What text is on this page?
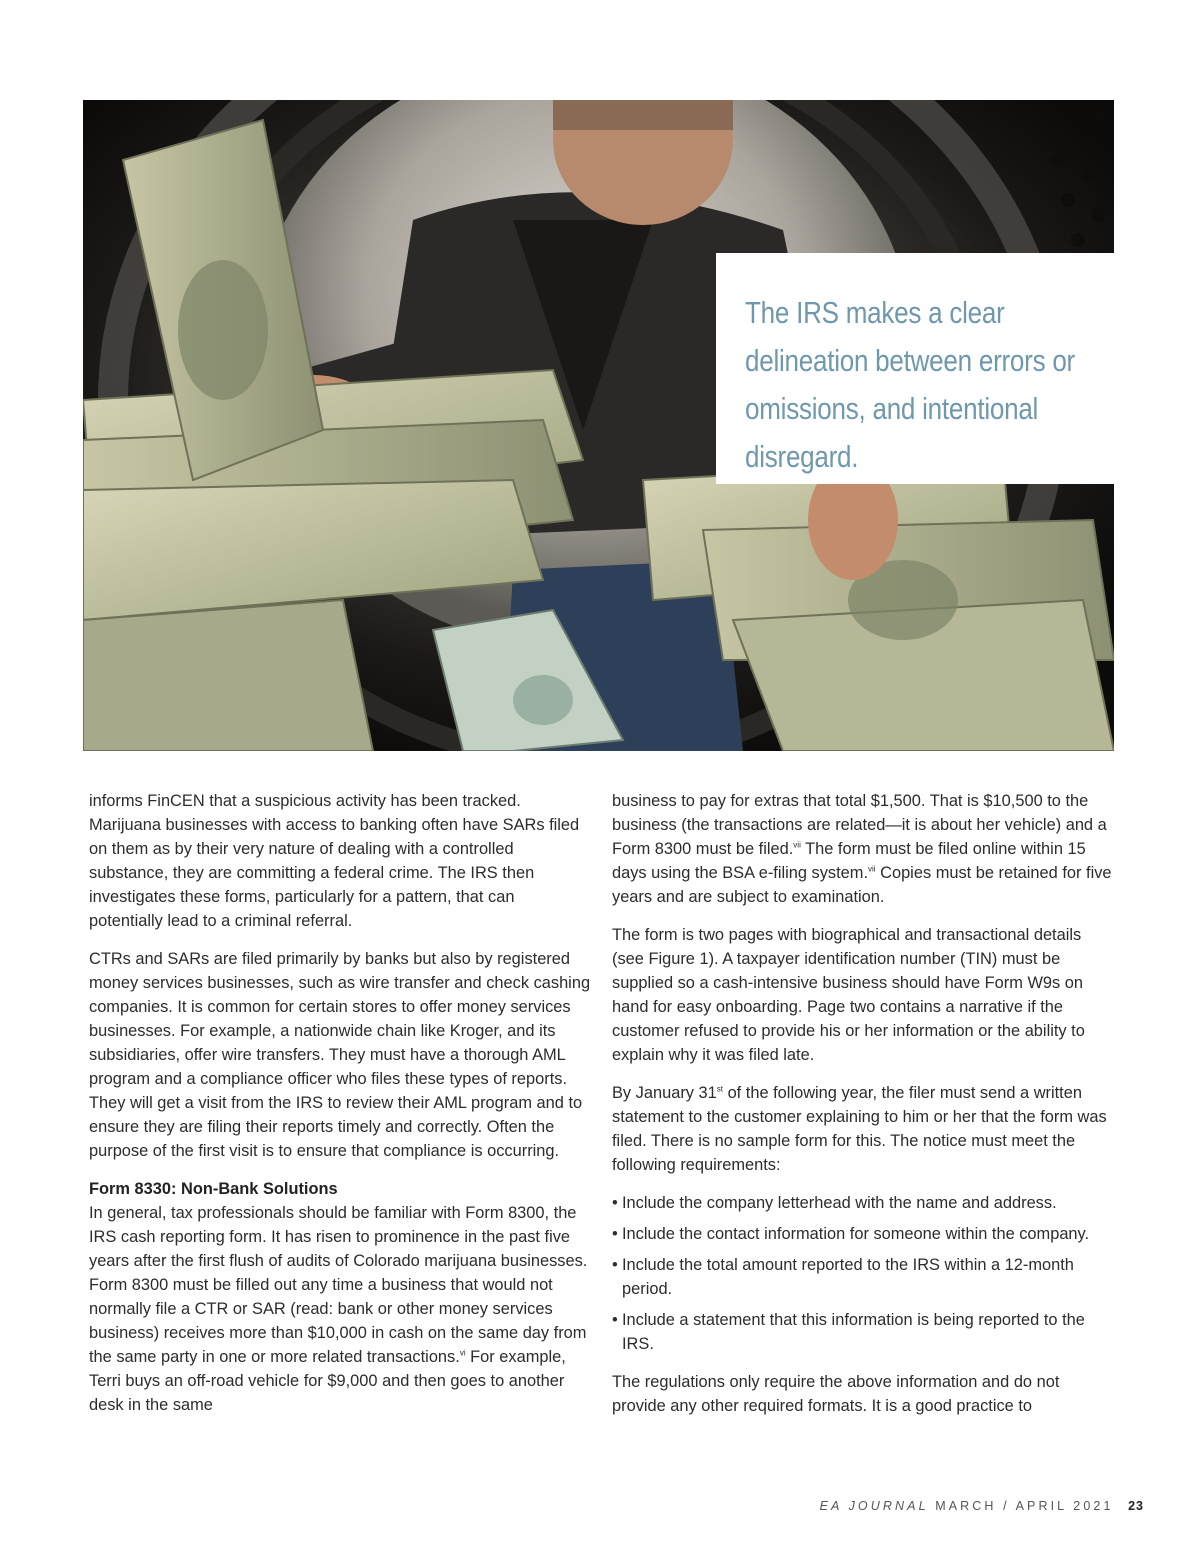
The IRS makes a clear delineation between errors or omissions, and intentional disregard.

informs FinCEN that a suspicious activity has been tracked. Marijuana businesses with access to banking often have SARs filed on them as by their very nature of dealing with a controlled substance, they are committing a federal crime. The IRS then investigates these forms, particularly for a pattern, that can potentially lead to a criminal referral.

CTRs and SARs are filed primarily by banks but also by registered money services businesses, such as wire transfer and check cashing companies. It is common for certain stores to offer money services businesses. For example, a nationwide chain like Kroger, and its subsidiaries, offer wire transfers. They must have a thorough AML program and a compliance officer who files these types of reports. They will get a visit from the IRS to review their AML program and to ensure they are filing their reports timely and correctly. Often the purpose of the first visit is to ensure that compliance is occurring.

Form 8330: Non-Bank Solutions

In general, tax professionals should be familiar with Form 8300, the IRS cash reporting form. It has risen to prominence in the past five years after the first flush of audits of Colorado marijuana businesses. Form 8300 must be filled out any time a business that would not normally file a CTR or SAR (read: bank or other money services business) receives more than $10,000 in cash on the same day from the same party in one or more related transactions.$^{vi}$ For example, Terri buys an off-road vehicle for $9,000 and then goes to another desk in the same

business to pay for extras that total $1,500. That is $10,500 to the business (the transactions are related—it is about her vehicle) and a Form 8300 must be filed.$^{vii}$ The form must be filed online within 15 days using the BSA e-filing system.$^{vii}$ Copies must be retained for five years and are subject to examination.

The form is two pages with biographical and transactional details (see Figure 1). A taxpayer identification number (TIN) must be supplied so a cash-intensive business should have Form W9s on hand for easy onboarding. Page two contains a narrative if the customer refused to provide his or her information or the ability to explain why it was filed late.

By January 31st of the following year, the filer must send a written statement to the customer explaining to him or her that the form was filed. There is no sample form for this. The notice must meet the following requirements:

• Include the company letterhead with the name and address.
• Include the contact information for someone within the company.
• Include the total amount reported to the IRS within a 12-month period.
• Include a statement that this information is being reported to the IRS.

The regulations only require the above information and do not provide any other required formats. It is a good practice to

EA JOURNAL MARCH / APRIL 2021 23
